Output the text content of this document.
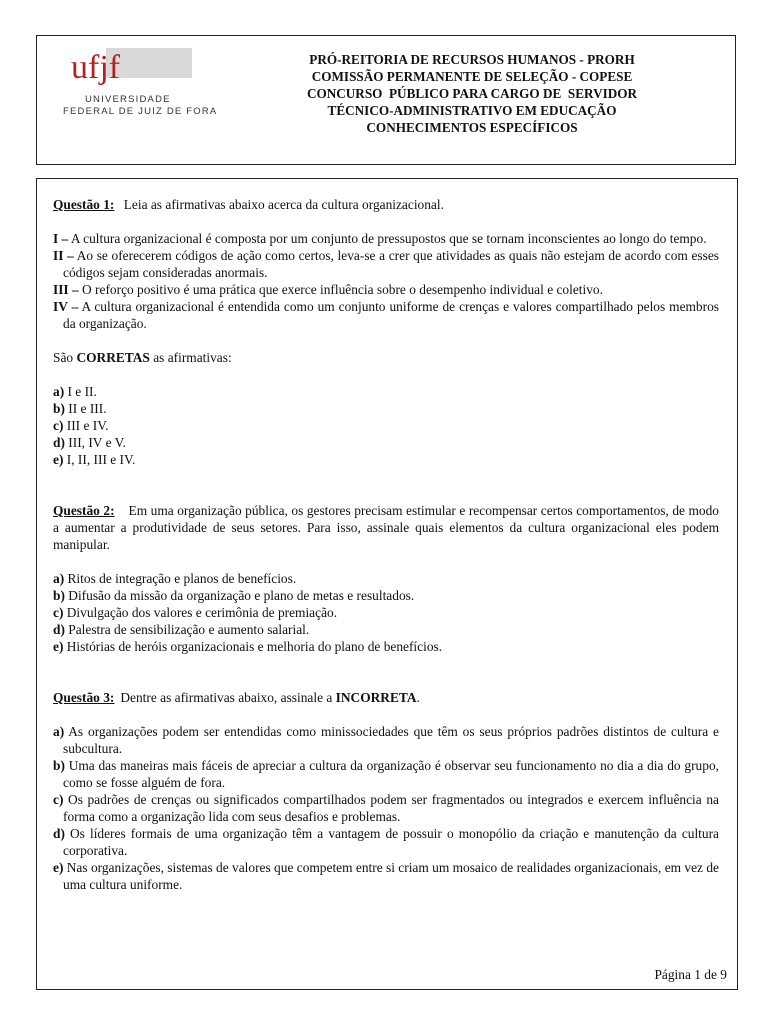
ufjf
UNIVERSIDADE
FEDERAL DE JUIZ DE FORA
PRÓ-REITORIA DE RECURSOS HUMANOS - PRORH
COMISSÃO PERMANENTE DE SELEÇÃO - COPESE
CONCURSO  PÚBLICO PARA CARGO DE  SERVIDOR
TÉCNICO-ADMINISTRATIVO EM EDUCAÇÃO
CONHECIMENTOS ESPECÍFICOS

Questão 1: Leia as afirmativas abaixo acerca da cultura organizacional.

I – A cultura organizacional é composta por um conjunto de pressupostos que se tornam inconscientes ao longo do tempo.

II – Ao se oferecerem códigos de ação como certos, leva-se a crer que atividades as quais não estejam de acordo com esses códigos sejam consideradas anormais.

III – O reforço positivo é uma prática que exerce influência sobre o desempenho individual e coletivo.

IV – A cultura organizacional é entendida como um conjunto uniforme de crenças e valores compartilhado pelos membros da organização.

São CORRETAS as afirmativas:

a) I e II.

b) II e III.

c) III e IV.

d) III, IV e V.

e) I, II, III e IV.

Questão 2: Em uma organização pública, os gestores precisam estimular e recompensar certos comportamentos, de modo a aumentar a produtividade de seus setores. Para isso, assinale quais elementos da cultura organizacional eles podem manipular.

a) Ritos de integração e planos de benefícios.

b) Difusão da missão da organização e plano de metas e resultados.

c) Divulgação dos valores e cerimônia de premiação.

d) Palestra de sensibilização e aumento salarial.

e) Histórias de heróis organizacionais e melhoria do plano de benefícios.

Questão 3: Dentre as afirmativas abaixo, assinale a INCORRETA.

a) As organizações podem ser entendidas como minissociedades que têm os seus próprios padrões distintos de cultura e subcultura.

b) Uma das maneiras mais fáceis de apreciar a cultura da organização é observar seu funcionamento no dia a dia do grupo, como se fosse alguém de fora.

c) Os padrões de crenças ou significados compartilhados podem ser fragmentados ou integrados e exercem influência na forma como a organização lida com seus desafios e problemas.

d) Os líderes formais de uma organização têm a vantagem de possuir o monopólio da criação e manutenção da cultura corporativa.

e) Nas organizações, sistemas de valores que competem entre si criam um mosaico de realidades organizacionais, em vez de uma cultura uniforme.

Página 1 de 9
